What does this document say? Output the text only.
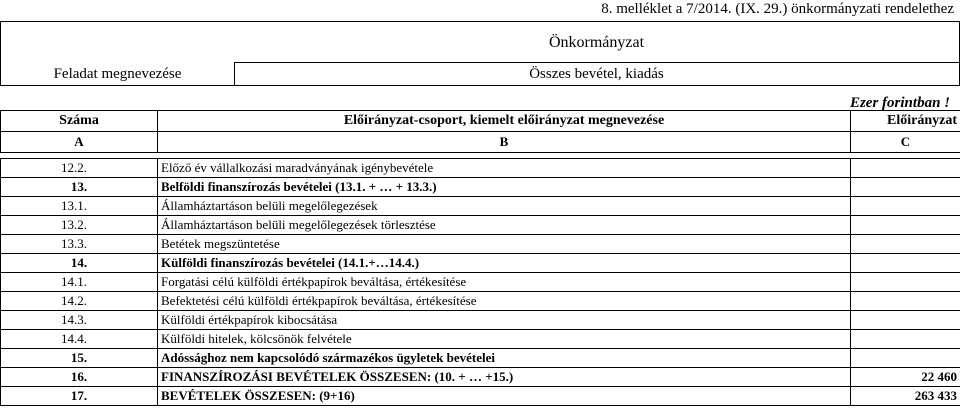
8. melléklet a 7/2014. (IX. 29.) önkormányzati rendelethez
Önkormányzat
Feladat megnevezése	Összes bevétel, kiadás
Ezer forintban !
Száma	Előirányzat-csoport, kiemelt előirányzat megnevezése	Előirányzat
A	B	C

12.2.	Előző év vállalkozási maradványának igénybevétele	
13.	Belföldi finanszírozás bevételei (13.1. + … + 13.3.)	
13.1.	Államháztartáson belüli megelőlegezések	
13.2.	Államháztartáson belüli megelőlegezések törlesztése	
13.3.	Betétek megszüntetése	
14.	Külföldi finanszírozás bevételei (14.1.+…14.4.)	
14.1.	Forgatási célú külföldi értékpapírok beváltása, értékesítése	
14.2.	Befektetési célú külföldi értékpapírok beváltása, értékesítése	
14.3.	Külföldi értékpapírok kibocsátása	
14.4.	Külföldi hitelek, kölcsönök felvétele	
15.	Adóssághoz nem kapcsolódó származékos ügyletek bevételei	
16.	FINANSZÍROZÁSI BEVÉTELEK ÖSSZESEN: (10. + … +15.)	22 460
17.	BEVÉTELEK ÖSSZESEN: (9+16)	263 433
